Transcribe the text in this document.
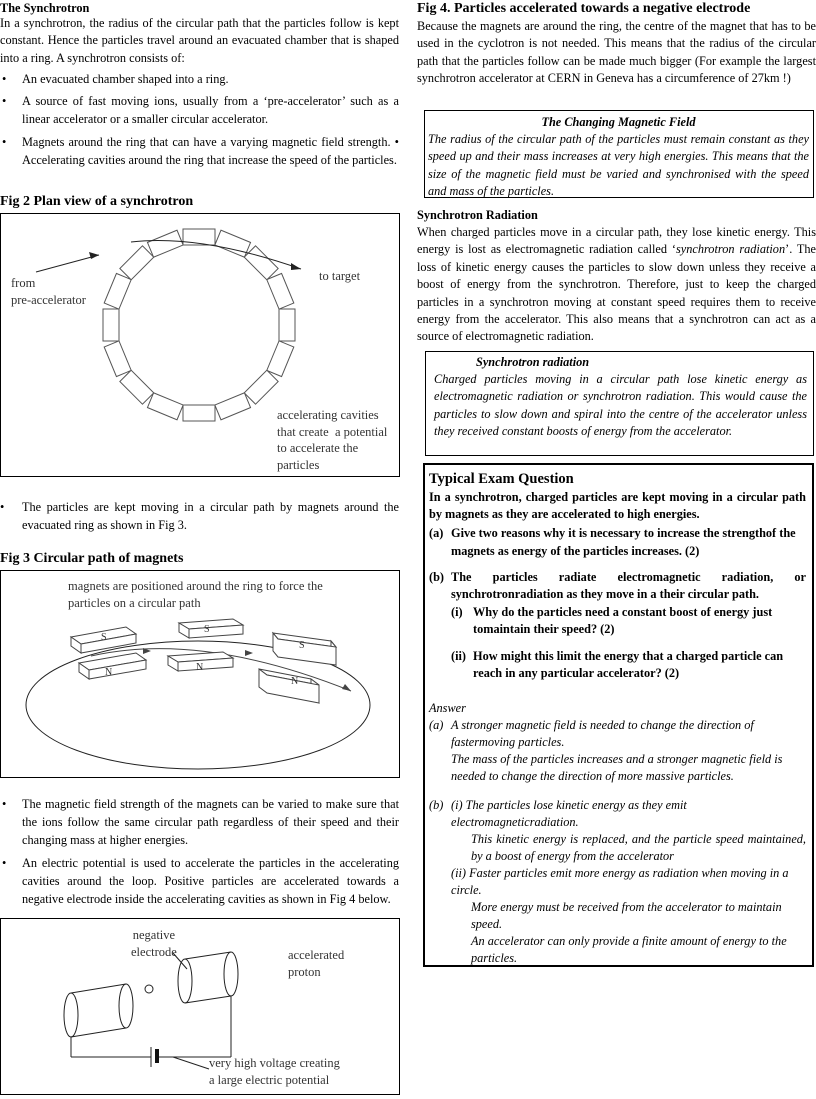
The Synchrotron

In a synchrotron, the radius of the circular path that the particles follow is kept constant. Hence the particles travel around an evacuated chamber that is shaped into a ring. A synchrotron consists of:

• An evacuated chamber shaped into a ring.
• A source of fast moving ions, usually from a ‘pre-accelerator’ such as a linear accelerator or a smaller circular accelerator.
• Magnets around the ring that can have a varying magnetic field strength. • Accelerating cavities around the ring that increase the speed of the particles.

Fig 2 Plan view of a synchrotron

from
pre-accelerator
to target
accelerating cavities
that create  a potential
to accelerate the
particles
• The particles are kept moving in a circular path by magnets around the evacuated ring as shown in Fig 3.

Fig 3 Circular path of magnets

magnets are positioned around the ring to force the
particles on a circular path
S
N
S
N
S
N
• The magnetic field strength of the magnets can be varied to make sure that the ions follow the same circular path regardless of their speed and their changing mass at higher energies.
• An electric potential is used to accelerate the particles in the accelerating cavities around the loop. Positive particles are accelerated towards a negative electrode inside the accelerating cavities as shown in Fig 4 below.
negative
electrode	accelerated
proton
very high voltage creating
a large electric potential

Fig 4. Particles accelerated towards a negative electrode

Because the magnets are around the ring, the centre of the magnet that has to be used in the cyclotron is not needed. This means that the radius of the circular path that the particles follow can be made much bigger (For example the largest synchrotron accelerator at CERN in Geneva has a circumference of 27km !)

The Changing Magnetic Field

The radius of the circular path of the particles must remain constant as they speed up and their mass increases at very high energies. This means that the size of the magnetic field must be varied and synchronised with the speed and mass of the particles.

Synchrotron Radiation

When charged particles move in a circular path, they lose kinetic energy. This energy is lost as electromagnetic radiation called ‘synchrotron radiation’. The loss of kinetic energy causes the particles to slow down unless they receive a boost of energy from the synchrotron. Therefore, just to keep the charged particles in a synchrotron moving at constant speed requires them to receive energy from the accelerator. This also means that a synchrotron can act as a source of electromagnetic radiation.

Synchrotron radiation

Charged particles moving in a circular path lose kinetic energy as electromagnetic radiation or synchrotron radiation. This would cause the particles to slow down and spiral into the centre of the accelerator unless they received constant boosts of energy from the accelerator.

Typical Exam Question

In a synchrotron, charged particles are kept moving in a circular path by magnets as they are accelerated to high energies.

(a) Give two reasons why it is necessary to increase the strengthof the magnets as energy of the particles increases. (2)
(b) The particles radiate electromagnetic radiation, or synchrotronradiation as they move in a their circular path.
(i) Why do the particles need a constant boost of energy just tomaintain their speed? (2)
(ii) How might this limit the energy that a charged particle can reach in any particular accelerator? (2)

Answer

(a) A stronger magnetic field is needed to change the direction of fastermoving particles.

The mass of the particles increases and a stronger magnetic field is needed to change the direction of more massive particles.

(b) (i) The particles lose kinetic energy as they emit electromagneticradiation.

This kinetic energy is replaced, and the particle speed maintained, by a boost of energy from the accelerator

(ii) Faster particles emit more energy as radiation when moving in a circle.

More energy must be received from the accelerator to maintain speed.

An accelerator can only provide a finite amount of energy to the particles.
